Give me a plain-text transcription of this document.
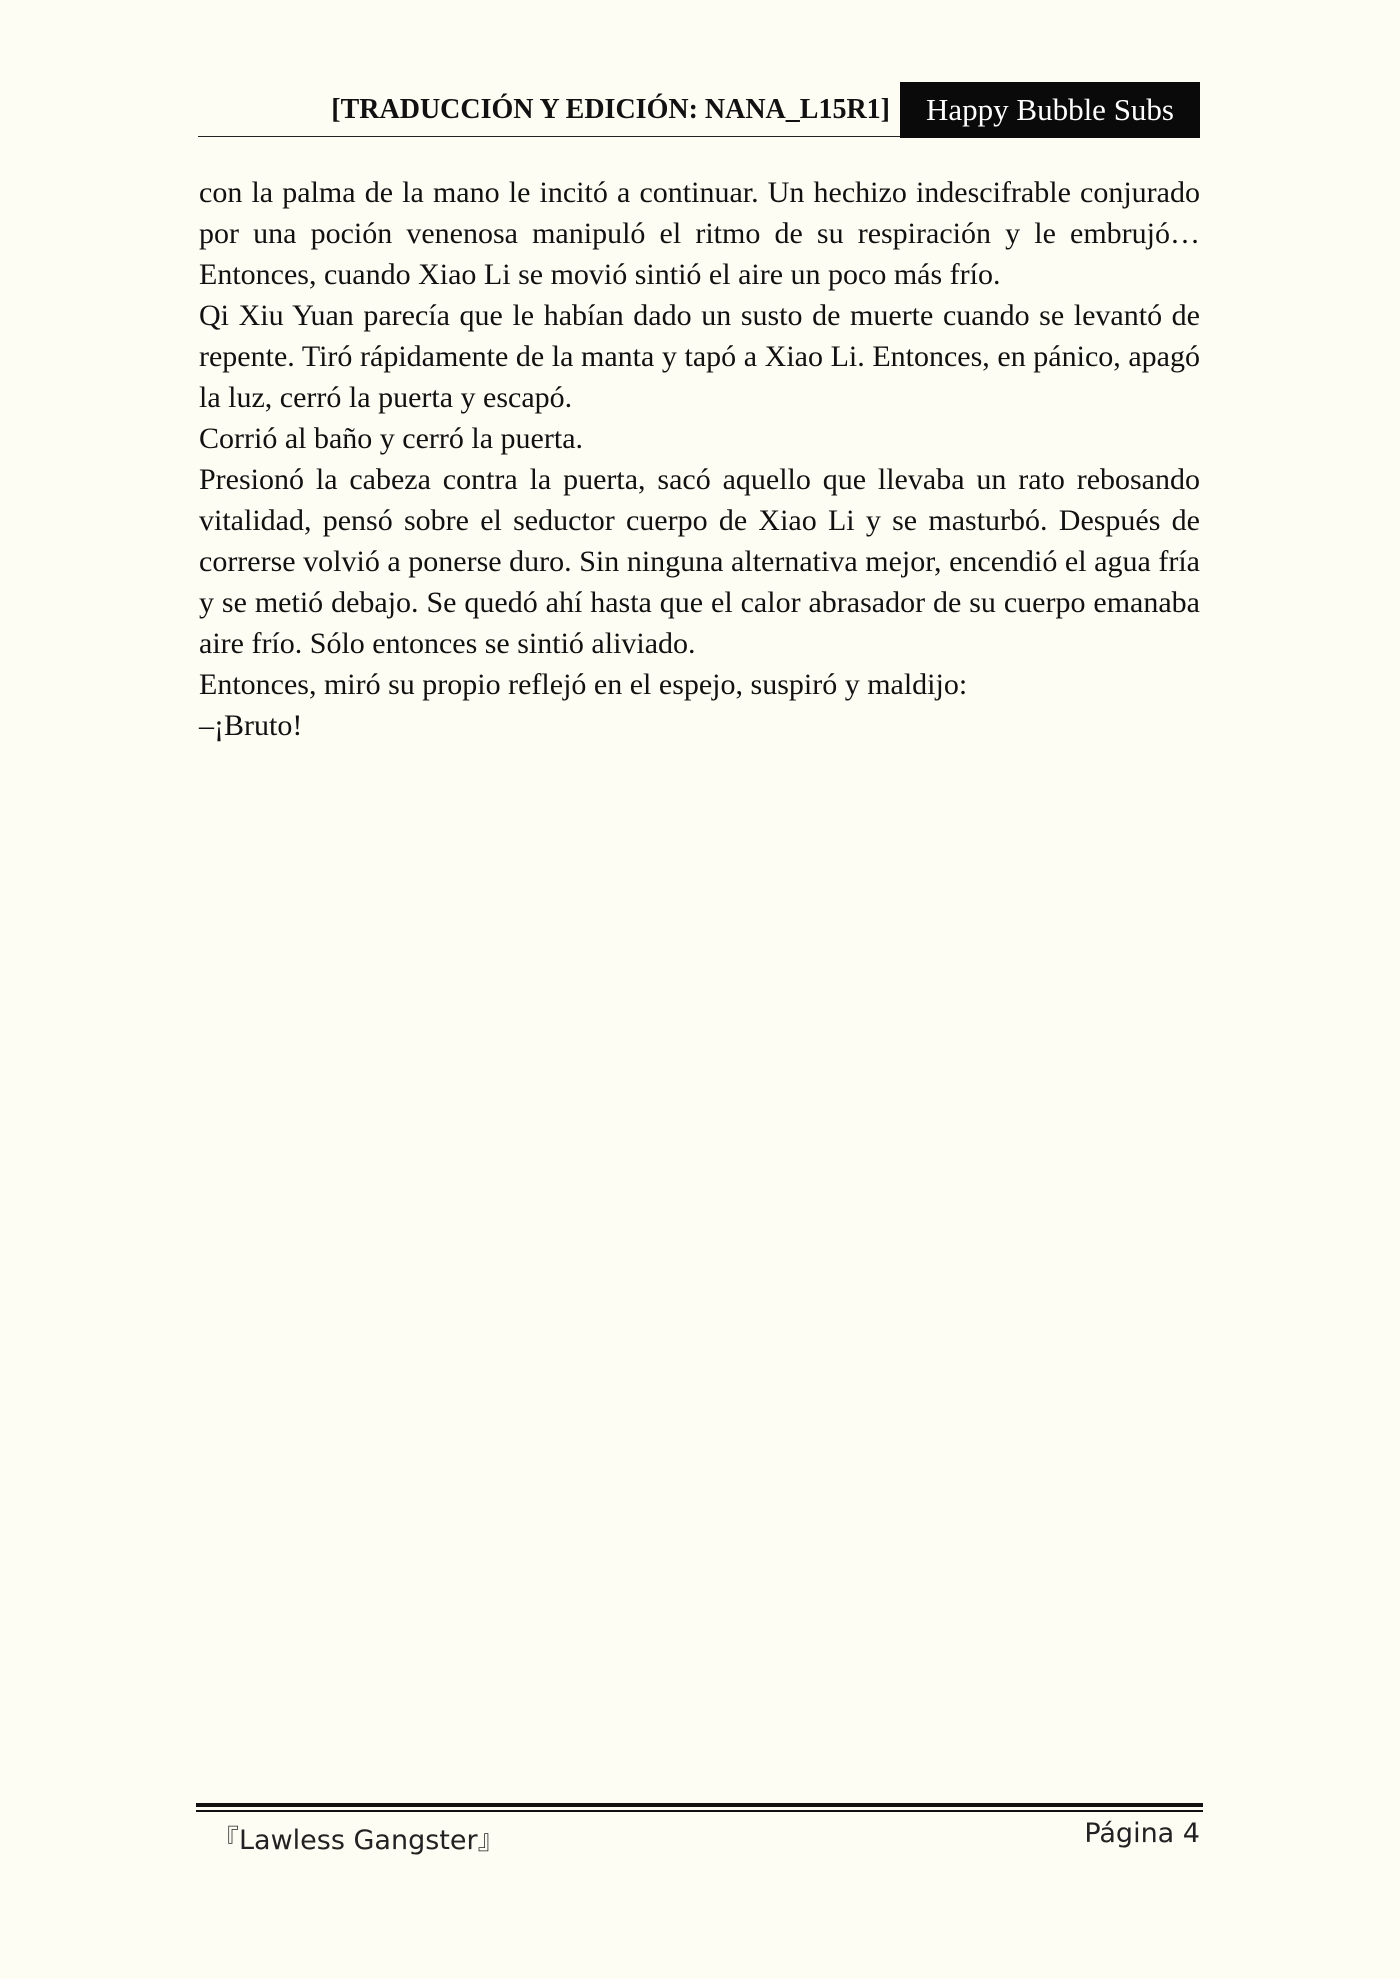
[TRADUCCIÓN Y EDICIÓN: NANA_L15R1]	Happy Bubble Subs

con la palma de la mano le incitó a continuar. Un hechizo indescifrable conjurado por una poción venenosa manipuló el ritmo de su respiración y le embrujó… Entonces, cuando Xiao Li se movió sintió el aire un poco más frío.

Qi Xiu Yuan parecía que le habían dado un susto de muerte cuando se levantó de repente. Tiró rápidamente de la manta y tapó a Xiao Li. Entonces, en pánico, apagó la luz, cerró la puerta y escapó.

Corrió al baño y cerró la puerta.

Presionó la cabeza contra la puerta, sacó aquello que llevaba un rato rebosando vitalidad, pensó sobre el seductor cuerpo de Xiao Li y se masturbó. Después de correrse volvió a ponerse duro. Sin ninguna alternativa mejor, encendió el agua fría y se metió debajo. Se quedó ahí hasta que el calor abrasador de su cuerpo emanaba aire frío. Sólo entonces se sintió aliviado.

Entonces, miró su propio reflejó en el espejo, suspiró y maldijo:

–¡Bruto!

『Lawless Gangster』	Página 4
